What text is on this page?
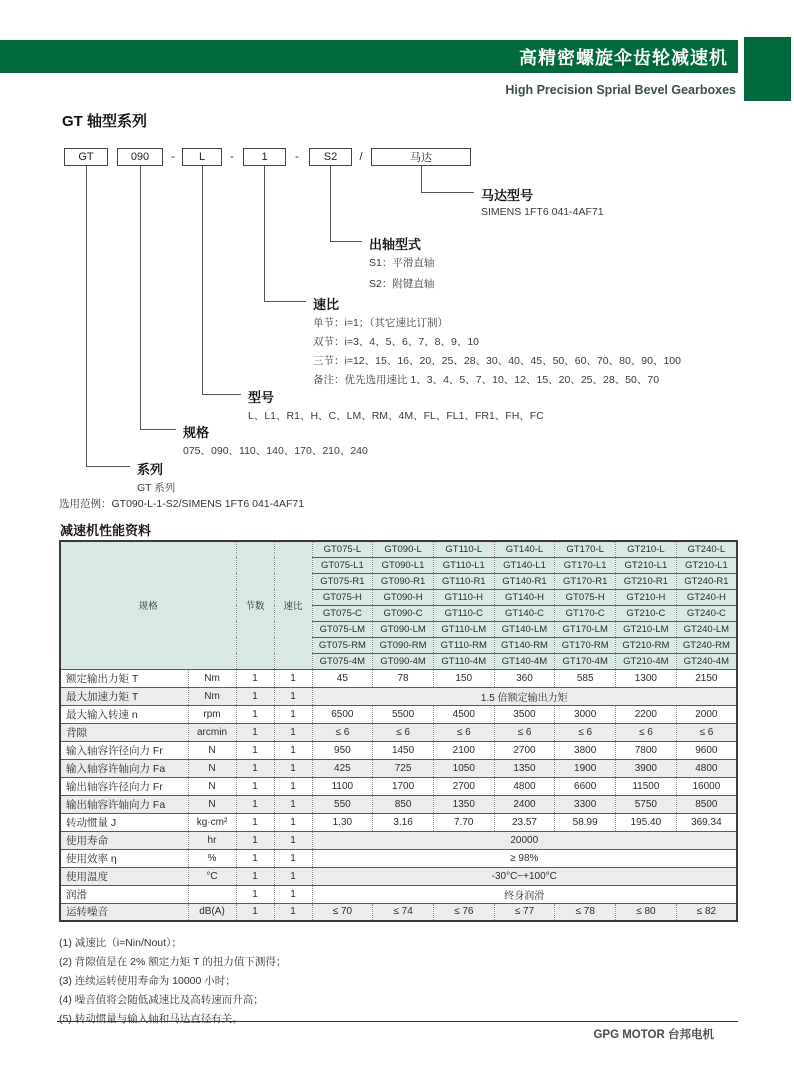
高精密螺旋伞齿轮减速机
High Precision Sprial Bevel Gearboxes
GT 轴型系列
GT	090	-	L	-	1	-	S2	/	马达
马达型号
SIMENS 1FT6 041-4AF71
出轴型式
S1：平滑直轴
S2：附键直轴
速比
单节：i=1；（其它速比订制）
双节：i=3、4、5、6、7、8、9、10
三节：i=12、15、16、20、25、28、30、40、45、50、60、70、80、90、100
备注：优先选用速比 1、3、4、5、7、10、12、15、20、25、28、50、70
型号
L、L1、R1、H、C、LM、RM、4M、FL、FL1、FR1、FH、FC
规格
075、090、110、140、170、210、240
系列
GT 系列
选用范例：GT090-L-1-S2/SIMENS 1FT6 041-4AF71
减速机性能资料
规格		节数	速比	GT075-L	GT090-L	GT110-L	GT140-L	GT170-L	GT210-L	GT240-L
				GT075-L1	GT090-L1	GT110-L1	GT140-L1	GT170-L1	GT210-L1	GT210-L1
				GT075-R1	GT090-R1	GT110-R1	GT140-R1	GT170-R1	GT210-R1	GT240-R1
				GT075-H	GT090-H	GT110-H	GT140-H	GT075-H	GT210-H	GT240-H
				GT075-C	GT090-C	GT110-C	GT140-C	GT170-C	GT210-C	GT240-C
				GT075-LM	GT090-LM	GT110-LM	GT140-LM	GT170-LM	GT210-LM	GT240-LM
				GT075-RM	GT090-RM	GT110-RM	GT140-RM	GT170-RM	GT210-RM	GT240-RM
				GT075-4M	GT090-4M	GT110-4M	GT140-4M	GT170-4M	GT210-4M	GT240-4M
额定输出力矩 T	Nm	1	1	45	78	150	360	585	1300	2150
最大加速力矩 T	Nm	1	1	1.5 倍额定输出力矩						
最大输入转速 n	rpm	1	1	6500	5500	4500	3500	3000	2200	2000
背隙	arcmin	1	1	≤ 6	≤ 6	≤ 6	≤ 6	≤ 6	≤ 6	≤ 6
输入轴容许径向力 Fr	N	1	1	950	1450	2100	2700	3800	7800	9600
输入轴容许轴向力 Fa	N	1	1	425	725	1050	1350	1900	3900	4800
输出轴容许径向力 Fr	N	1	1	1100	1700	2700	4800	6600	11500	16000
输出轴容许轴向力 Fa	N	1	1	550	850	1350	2400	3300	5750	8500
转动惯量 J	kg·cm²	1	1	1.30	3.16	7.70	23.57	58.99	195.40	369.34
使用寿命	hr	1	1	20000						
使用效率 η	%	1	1	≥ 98%						
使用温度	°C	1	1	-30°C~+100°C						
润滑		1	1	终身润滑						
运转噪音	dB(A)	1	1	≤ 70	≤ 74	≤ 76	≤ 77	≤ 78	≤ 80	≤ 82
(1) 减速比（i=Nin/Nout）；
(2) 背隙值是在 2% 额定力矩 T 的扭力值下测得；
(3) 连续运转使用寿命为 10000 小时；
(4) 噪音值将会随低减速比及高转速而升高；
(5) 转动惯量与输入轴和马达直径有关。
GPG MOTOR 台邦电机
